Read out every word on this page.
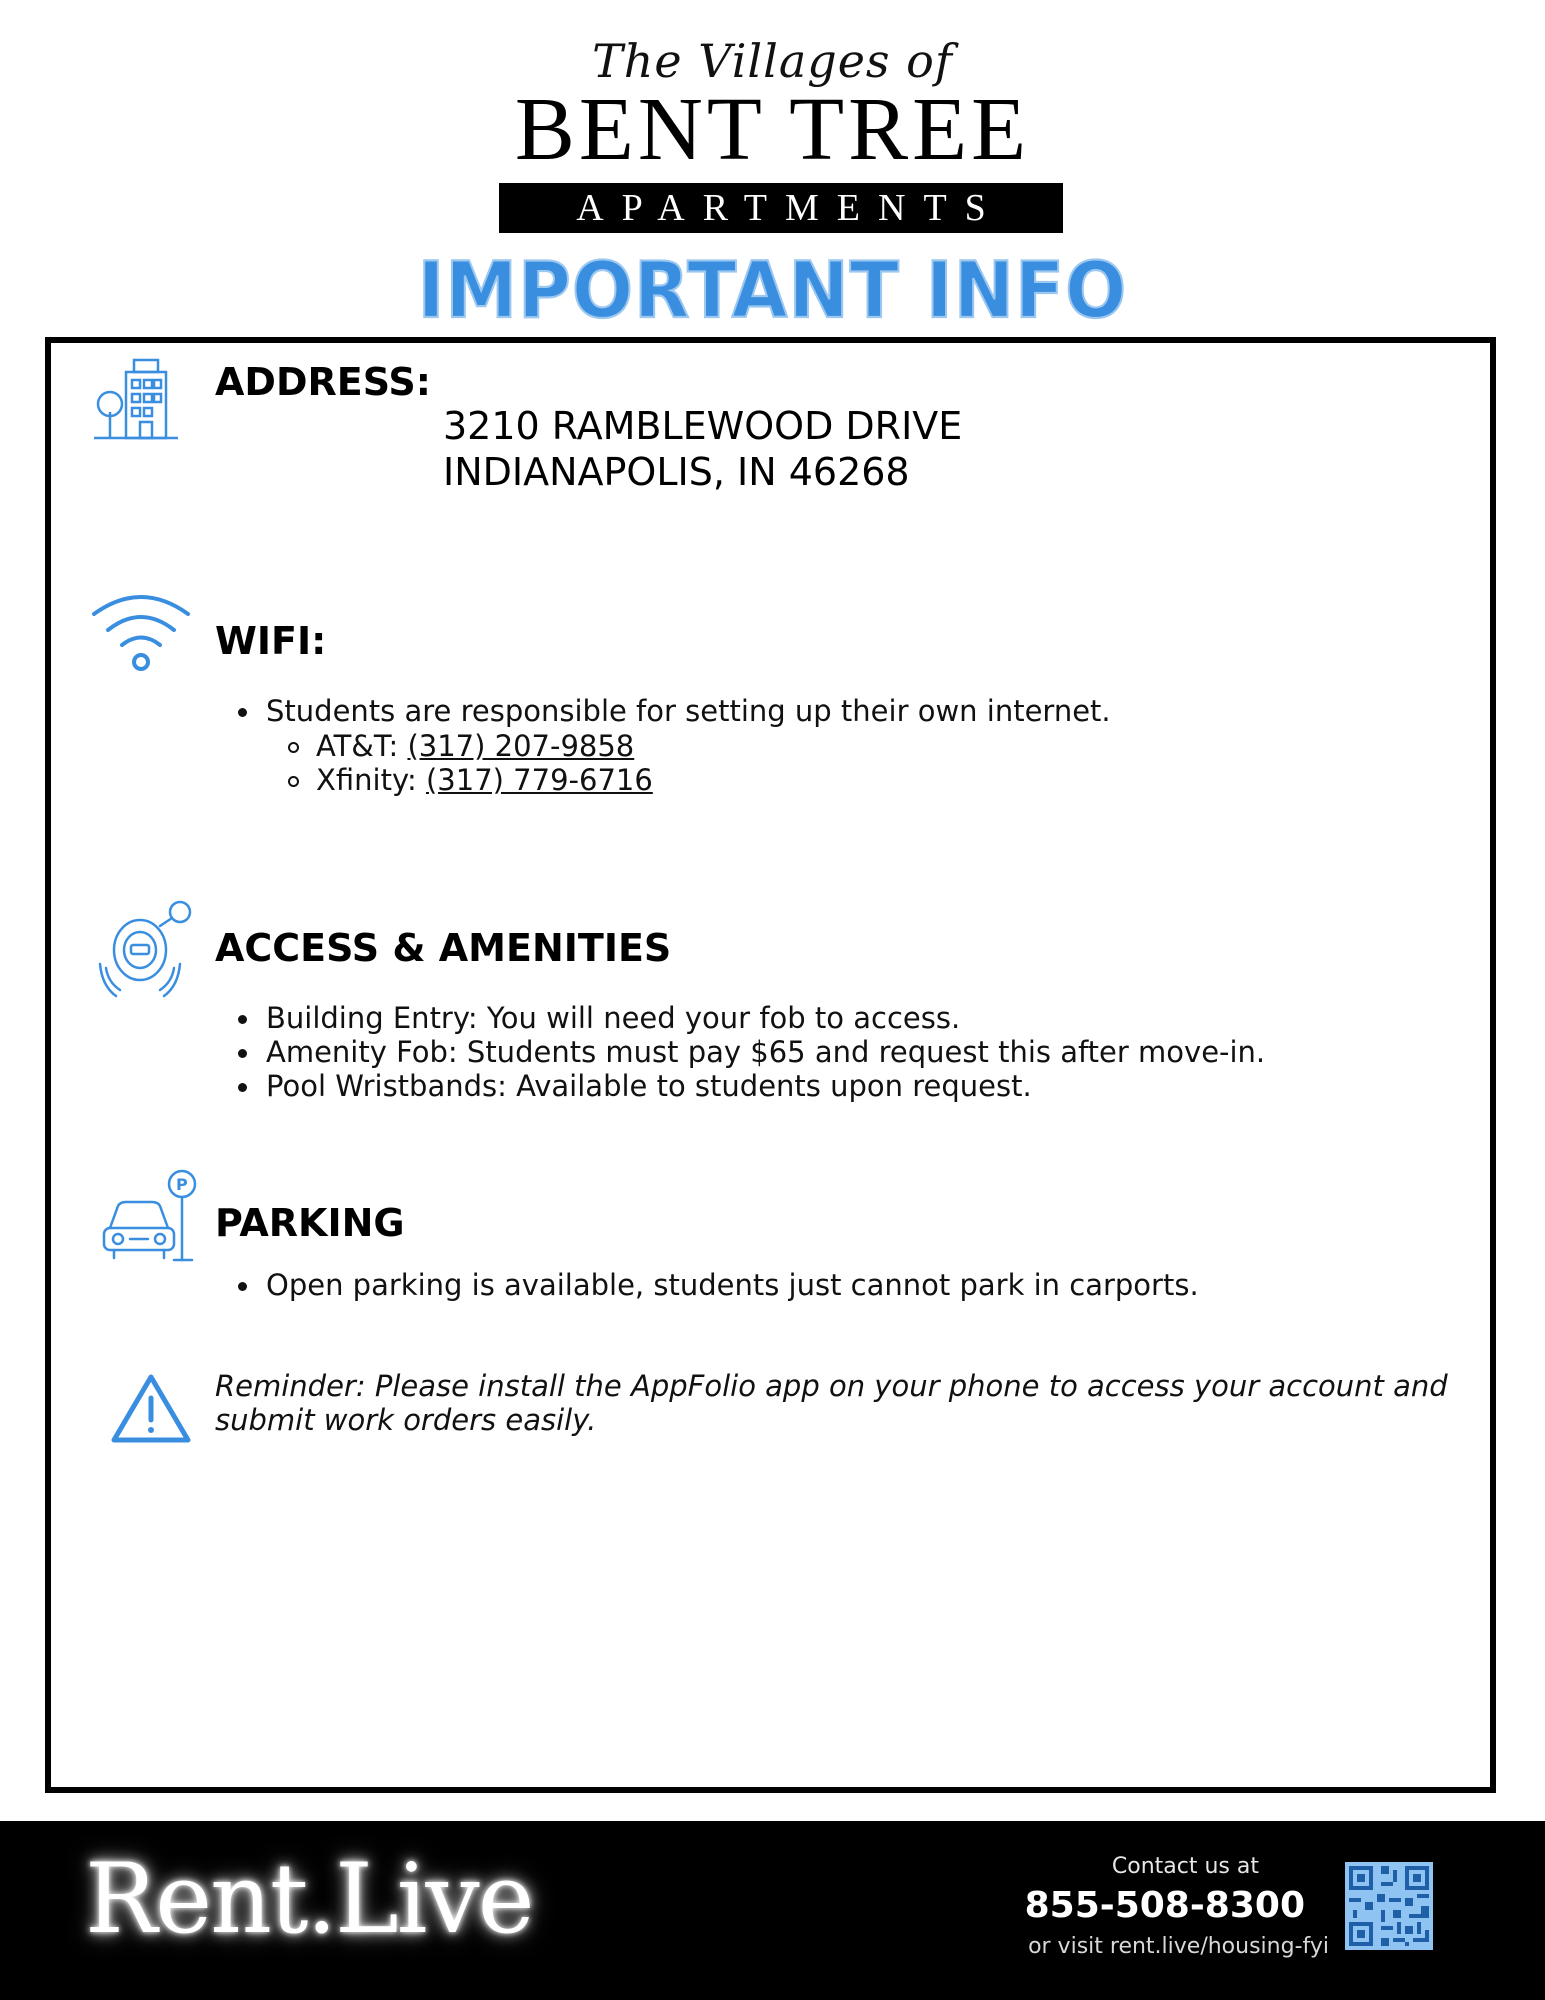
The Villages of
BENT TREE
APARTMENTS
IMPORTANT INFO
ADDRESS:
3210 RAMBLEWOOD DRIVE
INDIANAPOLIS, IN 46268
WIFI:
Students are responsible for setting up their own internet.
AT&T: (317) 207-9858
Xfinity: (317) 779-6716
ACCESS & AMENITIES
Building Entry: You will need your fob to access.
Amenity Fob: Students must pay $65 and request this after move-in.
Pool Wristbands: Available to students upon request.
P
PARKING
Open parking is available, students just cannot park in carports.
Reminder: Please install the AppFolio app on your phone to access your account and submit work orders easily.
Rent.Live	Contact us at
855-508-8300
or visit rent.live/housing-fyi
